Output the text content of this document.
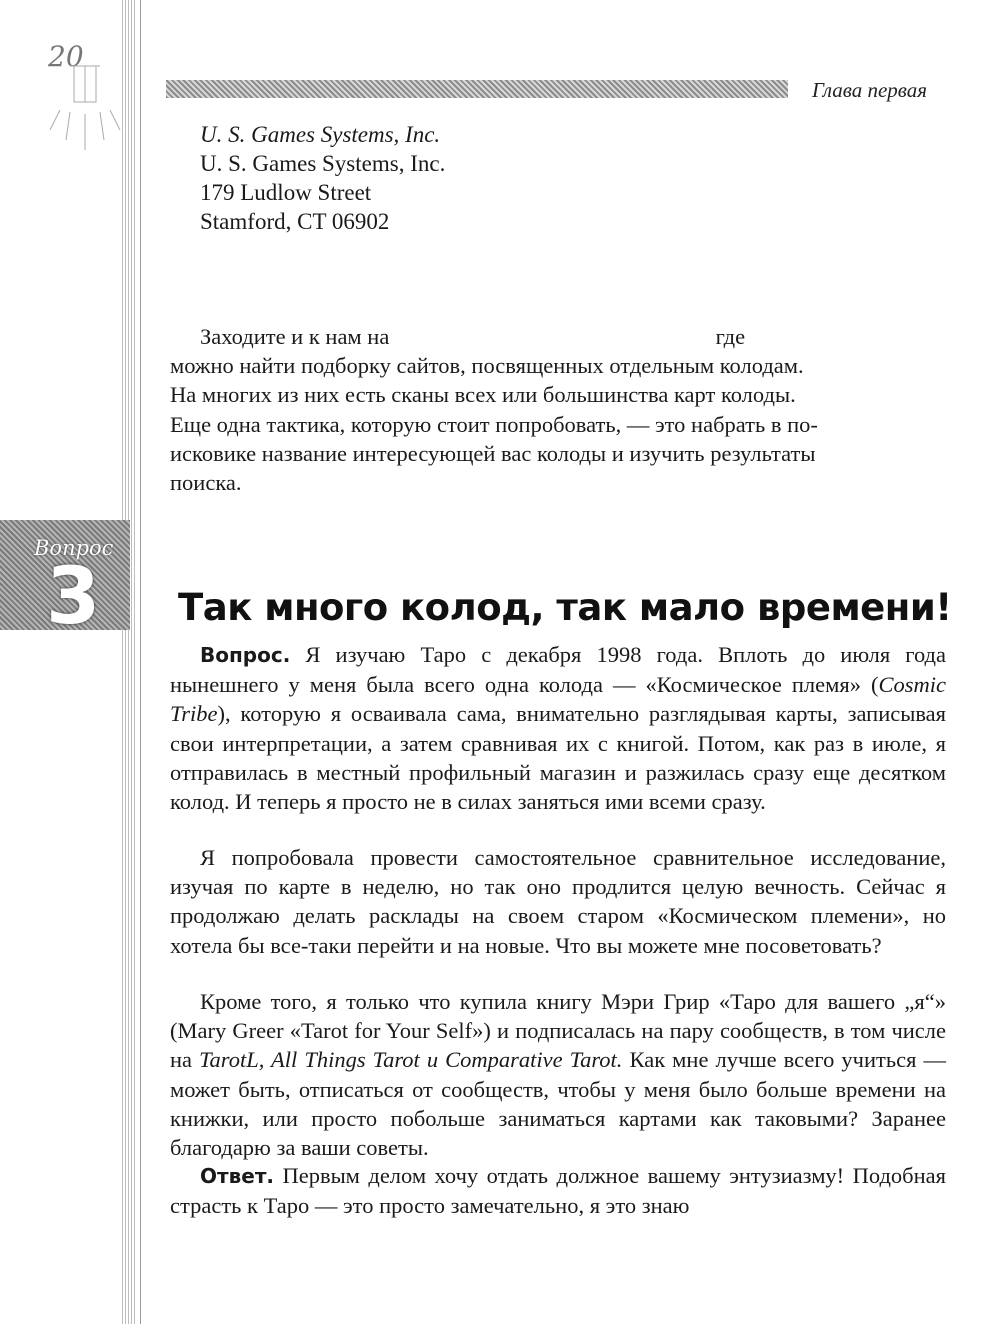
20
Глава первая
U. S. Games Systems, Inc.
U. S. Games Systems, Inc.
179 Ludlow Street
Stamford, CT 06902
Заходите и к нам на                                                          где
можно найти подборку сайтов, посвященных отдельным колодам.
На многих из них есть сканы всех или большинства карт колоды.
Еще одна тактика, которую стоит попробовать, — это набрать в по-
исковике название интересующей вас колоды и изучить результаты
поиска.
Вопрос
3 Так много колод, так мало времени!

Вопрос. Я изучаю Таро с декабря 1998 года. Вплоть до июля года нынешнего у меня была всего одна колода — «Космическое племя» (Cosmic Tribe), которую я осваивала сама, внимательно разглядывая карты, записывая свои интерпретации, а затем сравнивая их с книгой. Потом, как раз в июле, я отправилась в местный профильный магазин и разжилась сразу еще десятком колод. И теперь я просто не в силах заняться ими всеми сразу.

Я попробовала провести самостоятельное сравнительное исследование, изучая по карте в неделю, но так оно продлится целую вечность. Сейчас я продолжаю делать расклады на своем старом «Космическом племени», но хотела бы все-таки перейти и на новые. Что вы можете мне посоветовать?

Кроме того, я только что купила книгу Мэри Грир «Таро для вашего „я“» (Mary Greer «Tarot for Your Self») и подписалась на пару сообществ, в том числе на TarotL, All Things Tarot и Comparative Tarot. Как мне лучше всего учиться — может быть, отписаться от сообществ, чтобы у меня было больше времени на книжки, или просто побольше заниматься картами как таковыми? Заранее благодарю за ваши советы.

Ответ. Первым делом хочу отдать должное вашему энтузиазму! Подобная страсть к Таро — это просто замечательно, я это знаю
